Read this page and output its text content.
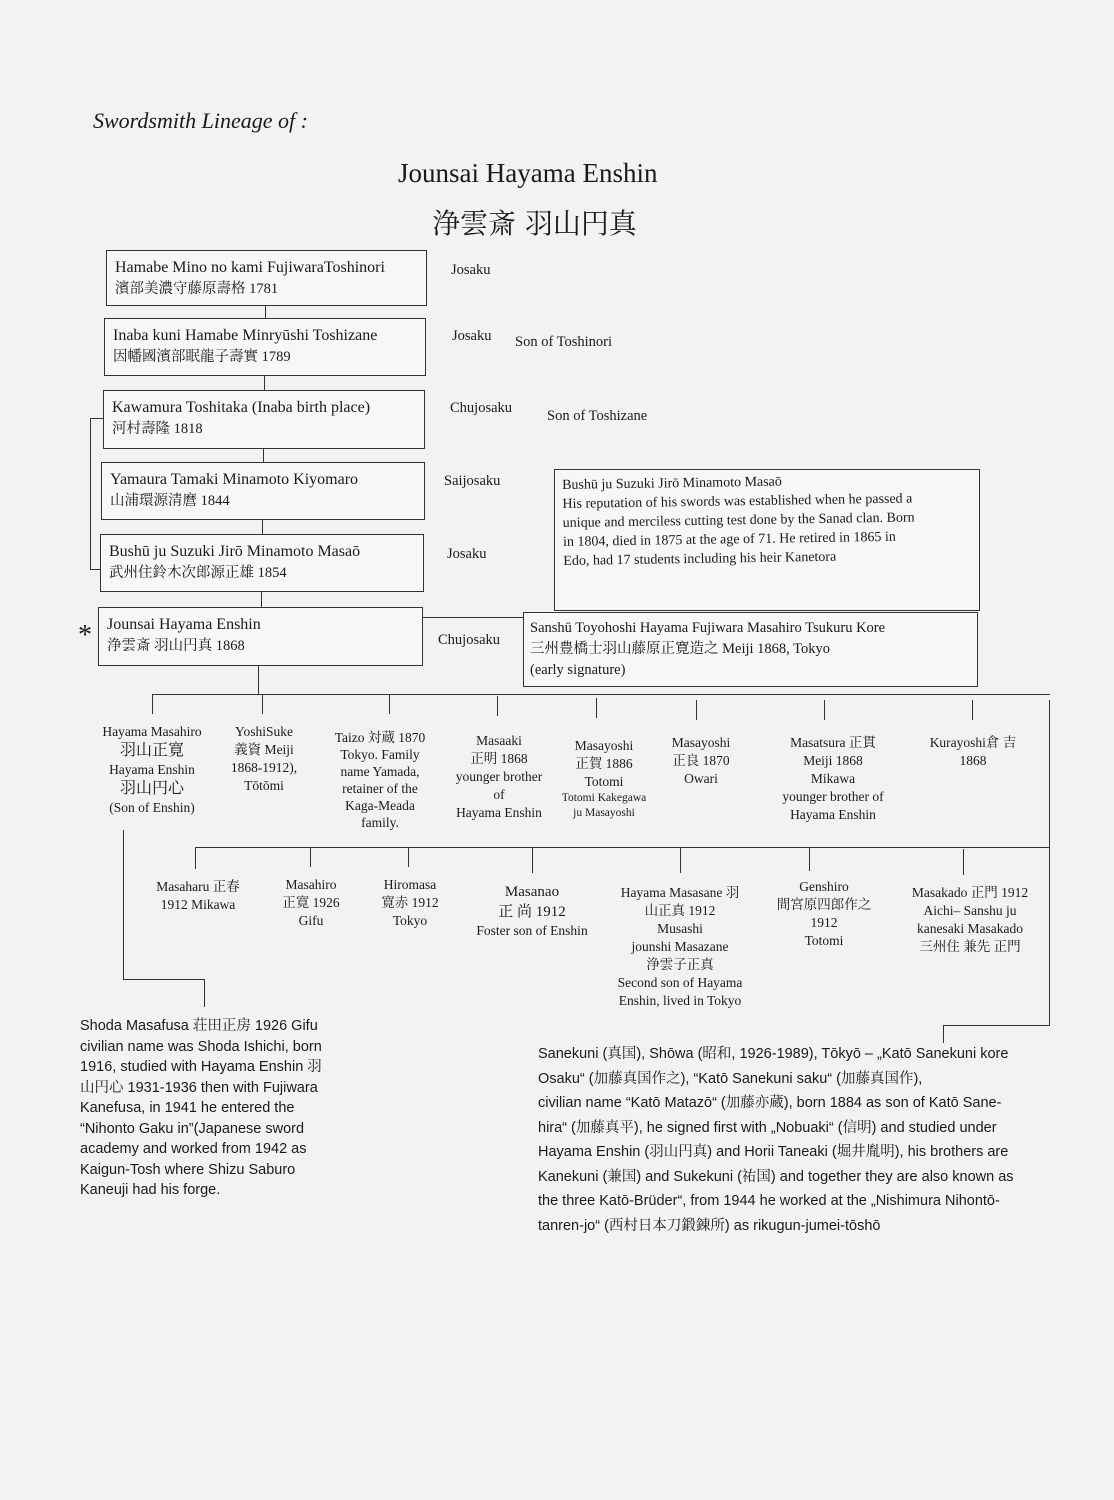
Swordsmith Lineage of :
Jounsai Hayama Enshin
浄雲斎 羽山円真
Hamabe Mino no kami FujiwaraToshinori
濱部美濃守藤原壽格 1781
Inaba kuni Hamabe Minryūshi Toshizane
因幡國濱部眠龍子壽實 1789
Kawamura Toshitaka (Inaba birth place)
河村壽隆 1818
Yamaura Tamaki Minamoto Kiyomaro
山浦環源清麿 1844
Bushū ju Suzuki Jirō Minamoto Masaō
武州住鈴木次郎源正雄 1854
Jounsai Hayama Enshin
浄雲斎 羽山円真 1868
*
Josaku
Josaku Son of Toshinori
Chujosaku Son of Toshizane
Saijosaku
Josaku
Chujosaku
Bushū ju Suzuki Jirō Minamoto Masaō
His reputation of his swords was established when he passed a
unique and merciless cutting test done by the Sanad clan. Born
in 1804, died in 1875 at the age of 71. He retired in 1865 in
Edo, had 17 students including his heir Kanetora
Sanshū Toyohoshi Hayama Fujiwara Masahiro Tsukuru Kore
三州豊橋士羽山藤原正寛造之 Meiji 1868, Tokyo
(early signature)
Hayama Masahiro
羽山正寛
Hayama Enshin
羽山円心
(Son of Enshin)
YoshiSuke
義資 Meiji
1868-1912),
Tōtōmi
Taizo 対蔵 1870
Tokyo. Family
name Yamada,
retainer of the
Kaga-Meada
family.
Masaaki
正明 1868
younger brother
of
Hayama Enshin
Masayoshi
正賀 1886
Totomi
Totomi Kakegawa
ju Masayoshi
Masayoshi
正良 1870
Owari
Masatsura 正貫
Meiji 1868
Mikawa
younger brother of
Hayama Enshin
Kurayoshi倉 吉
1868
Masaharu 正春
1912 Mikawa
Masahiro
正寛 1926
Gifu
Hiromasa
寛赤 1912
Tokyo
Masanao
正 尚 1912
Foster son of Enshin
Hayama Masasane 羽
山正真 1912
Musashi
jounshi Masazane
浄雲子正真
Second son of Hayama
Enshin, lived in Tokyo
Genshiro
間宮原四郎作之
1912
Totomi
Masakado 正門 1912
Aichi– Sanshu ju
kanesaki Masakado
三州住 兼先 正門
Shoda Masafusa 荘田正房 1926 Gifu
civilian name was Shoda Ishichi, born
1916, studied with Hayama Enshin 羽
山円心 1931-1936 then with Fujiwara
Kanefusa, in 1941 he entered the
“Nihonto Gaku in”(Japanese sword
academy and worked from 1942 as
Kaigun-Tosh where Shizu Saburo
Kaneuji had his forge.
Sanekuni (真国), Shōwa (昭和, 1926-1989), Tōkyō – „Katō Sanekuni kore
Osaku“ (加藤真国作之), “Katō Sanekuni saku“ (加藤真国作),
civilian name “Katō Matazō“ (加藤亦蔵), born 1884 as son of Katō Sane-
hira“ (加藤真平), he signed first with „Nobuaki“ (信明) and studied under
Hayama Enshin (羽山円真) and Horii Taneaki (堀井胤明), his brothers are
Kanekuni (兼国) and Sukekuni (祐国) and together they are also known as
the three Katō-Brüder“, from 1944 he worked at the „Nishimura Nihontō-
tanren-jo“ (西村日本刀鍛錬所) as rikugun-jumei-tōshō
